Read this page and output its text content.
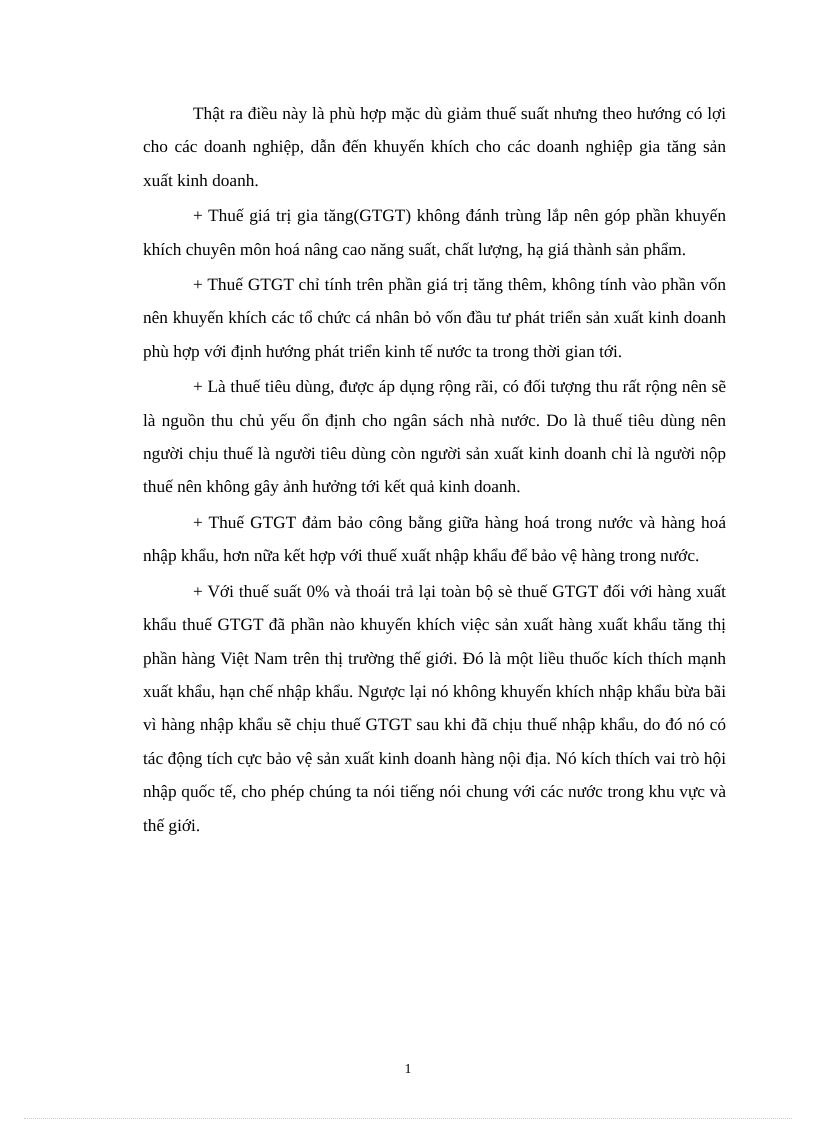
Thật ra điều này là phù hợp mặc dù giảm thuế suất nhưng theo hướng có lợi cho các doanh nghiệp, dẫn đến khuyến khích cho các doanh nghiệp gia tăng sản xuất kinh doanh.

+ Thuế giá trị gia tăng(GTGT) không đánh trùng lắp nên góp phần khuyến khích chuyên môn hoá nâng cao năng suất, chất lượng, hạ giá thành sản phẩm.

+ Thuế GTGT chỉ tính trên phần giá trị tăng thêm, không tính vào phần vốn nên khuyến khích các tổ chức cá nhân bỏ vốn đầu tư phát triển sản xuất kinh doanh phù hợp với định hướng phát triển kinh tế nước ta trong thời gian tới.

+ Là thuế tiêu dùng, được áp dụng rộng rãi, có đối tượng thu rất rộng nên sẽ là nguồn thu chủ yếu ổn định cho ngân sách nhà nước. Do là thuế tiêu dùng nên người chịu thuế là người tiêu dùng còn người sản xuất kinh doanh chỉ là người nộp thuế nên không gây ảnh hưởng tới kết quả kinh doanh.

+ Thuế GTGT đảm bảo công bằng giữa hàng hoá trong nước và hàng hoá nhập khẩu, hơn nữa kết hợp với thuế xuất nhập khẩu để bảo vệ hàng trong nước.

+ Với thuế suất 0% và thoái trả lại toàn bộ sè thuế GTGT đối với hàng xuất khẩu thuế GTGT đã phần nào khuyến khích việc sản xuất hàng xuất khẩu tăng thị phần hàng Việt Nam trên thị trường thế giới. Đó là một liều thuốc kích thích mạnh xuất khẩu, hạn chế nhập khẩu. Ngược lại nó không khuyến khích nhập khẩu bừa bãi vì hàng nhập khẩu sẽ chịu thuế GTGT sau khi đã chịu thuế nhập khẩu, do đó nó có tác động tích cực bảo vệ sản xuất kinh doanh hàng nội địa. Nó kích thích vai trò hội nhập quốc tế, cho phép chúng ta nói tiếng nói chung với các nước trong khu vực và thế giới.

1
